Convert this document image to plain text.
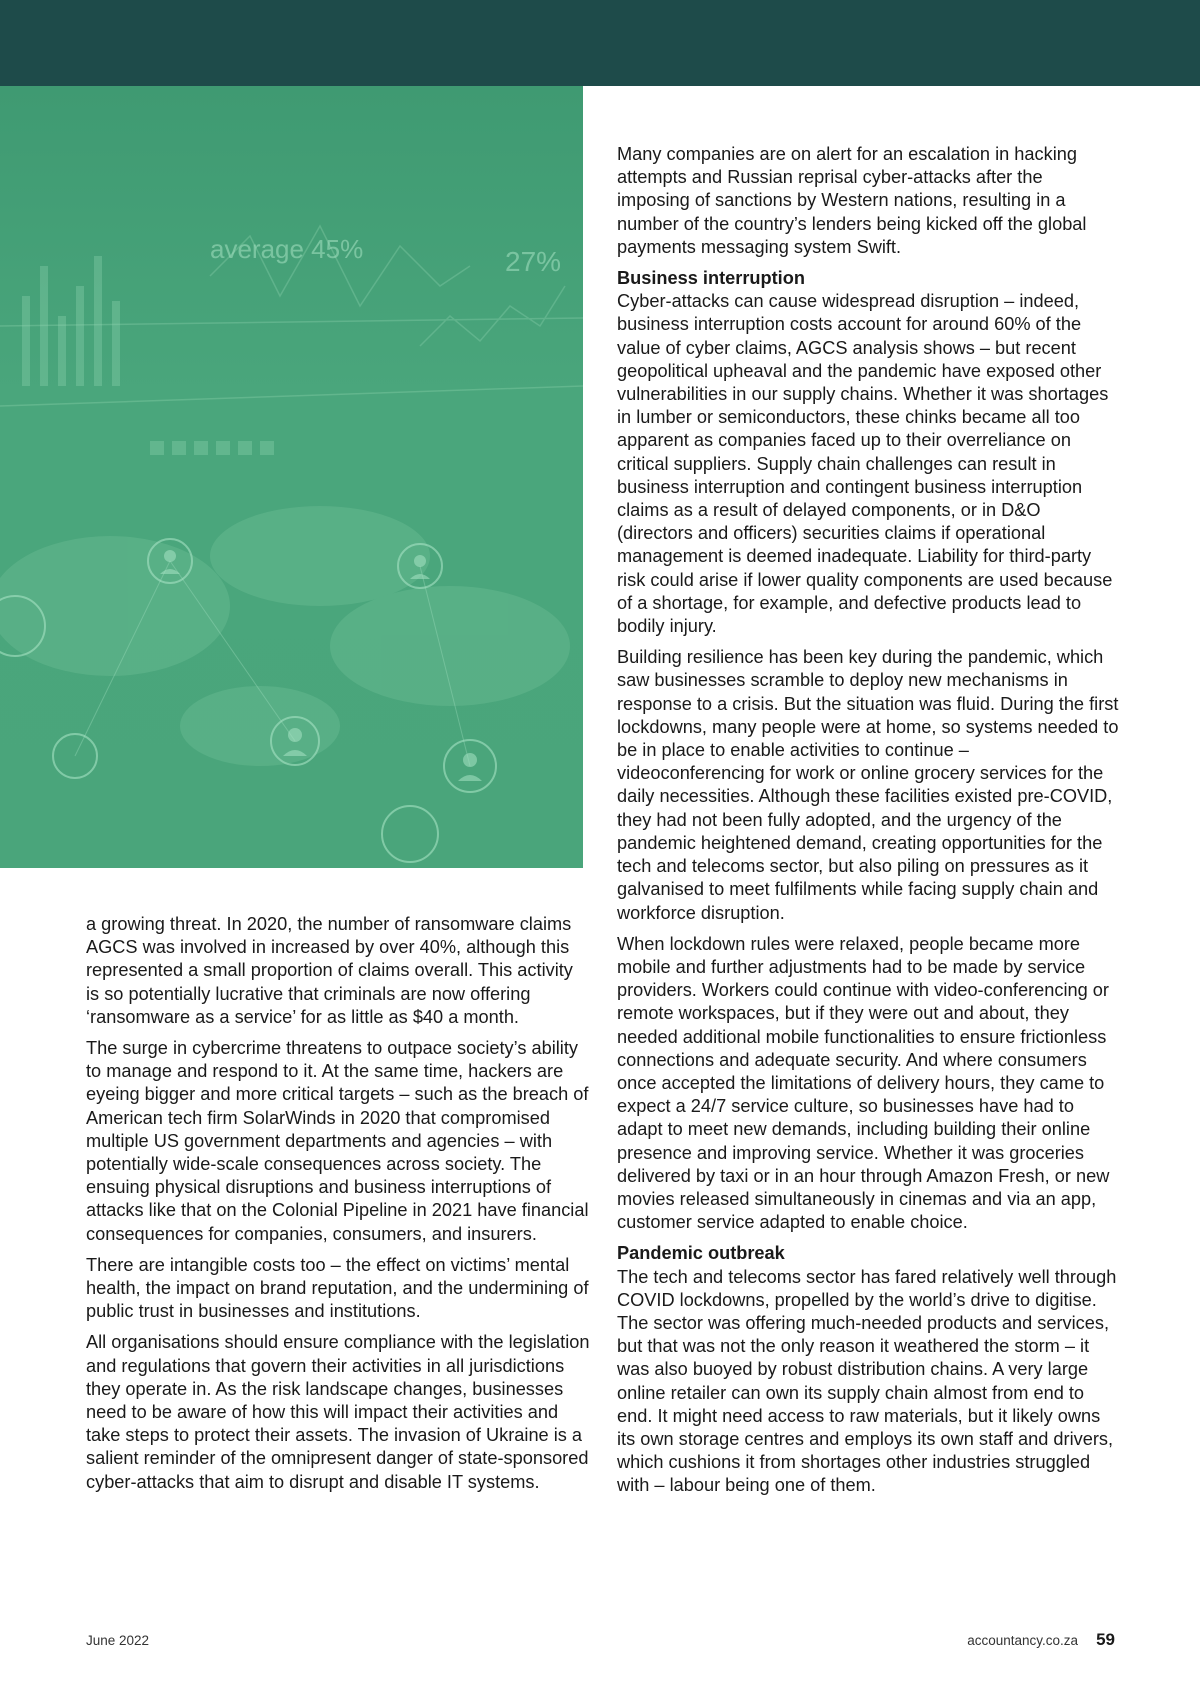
average 45%	27%

a growing threat. In 2020, the number of ransomware claims AGCS was involved in increased by over 40%, although this represented a small proportion of claims overall. This activity is so potentially lucrative that criminals are now offering ‘ransomware as a service’ for as little as $40 a month.

The surge in cybercrime threatens to outpace society’s ability to manage and respond to it. At the same time, hackers are eyeing bigger and more critical targets – such as the breach of American tech firm SolarWinds in 2020 that compromised multiple US government departments and agencies – with potentially wide-scale consequences across society. The ensuing physical disruptions and business interruptions of attacks like that on the Colonial Pipeline in 2021 have financial consequences for companies, consumers, and insurers.

There are intangible costs too – the effect on victims’ mental health, the impact on brand reputation, and the undermining of public trust in businesses and institutions.

All organisations should ensure compliance with the legislation and regulations that govern their activities in all jurisdictions they operate in. As the risk landscape changes, businesses need to be aware of how this will impact their activities and take steps to protect their assets. The invasion of Ukraine is a salient reminder of the omnipresent danger of state-sponsored cyber-attacks that aim to disrupt and disable IT systems.

Many companies are on alert for an escalation in hacking attempts and Russian reprisal cyber-attacks after the imposing of sanctions by Western nations, resulting in a number of the country’s lenders being kicked off the global payments messaging system Swift.

Business interruption

Cyber-attacks can cause widespread disruption – indeed, business interruption costs account for around 60% of the value of cyber claims, AGCS analysis shows – but recent geopolitical upheaval and the pandemic have exposed other vulnerabilities in our supply chains. Whether it was shortages in lumber or semiconductors, these chinks became all too apparent as companies faced up to their overreliance on critical suppliers. Supply chain challenges can result in business interruption and contingent business interruption claims as a result of delayed components, or in D&O (directors and officers) securities claims if operational management is deemed inadequate. Liability for third-party risk could arise if lower quality components are used because of a shortage, for example, and defective products lead to bodily injury.

Building resilience has been key during the pandemic, which saw businesses scramble to deploy new mechanisms in response to a crisis. But the situation was fluid. During the first lockdowns, many people were at home, so systems needed to be in place to enable activities to continue – videoconferencing for work or online grocery services for the daily necessities. Although these facilities existed pre-COVID, they had not been fully adopted, and the urgency of the pandemic heightened demand, creating opportunities for the tech and telecoms sector, but also piling on pressures as it galvanised to meet fulfilments while facing supply chain and workforce disruption.

When lockdown rules were relaxed, people became more mobile and further adjustments had to be made by service providers. Workers could continue with video-conferencing or remote workspaces, but if they were out and about, they needed additional mobile functionalities to ensure frictionless connections and adequate security. And where consumers once accepted the limitations of delivery hours, they came to expect a 24/7 service culture, so businesses have had to adapt to meet new demands, including building their online presence and improving service. Whether it was groceries delivered by taxi or in an hour through Amazon Fresh, or new movies released simultaneously in cinemas and via an app, customer service adapted to enable choice.

Pandemic outbreak

The tech and telecoms sector has fared relatively well through COVID lockdowns, propelled by the world’s drive to digitise. The sector was offering much-needed products and services, but that was not the only reason it weathered the storm – it was also buoyed by robust distribution chains. A very large online retailer can own its supply chain almost from end to end. It might need access to raw materials, but it likely owns its own storage centres and employs its own staff and drivers, which cushions it from shortages other industries struggled with – labour being one of them.

June 2022	accountancy.co.za 59
